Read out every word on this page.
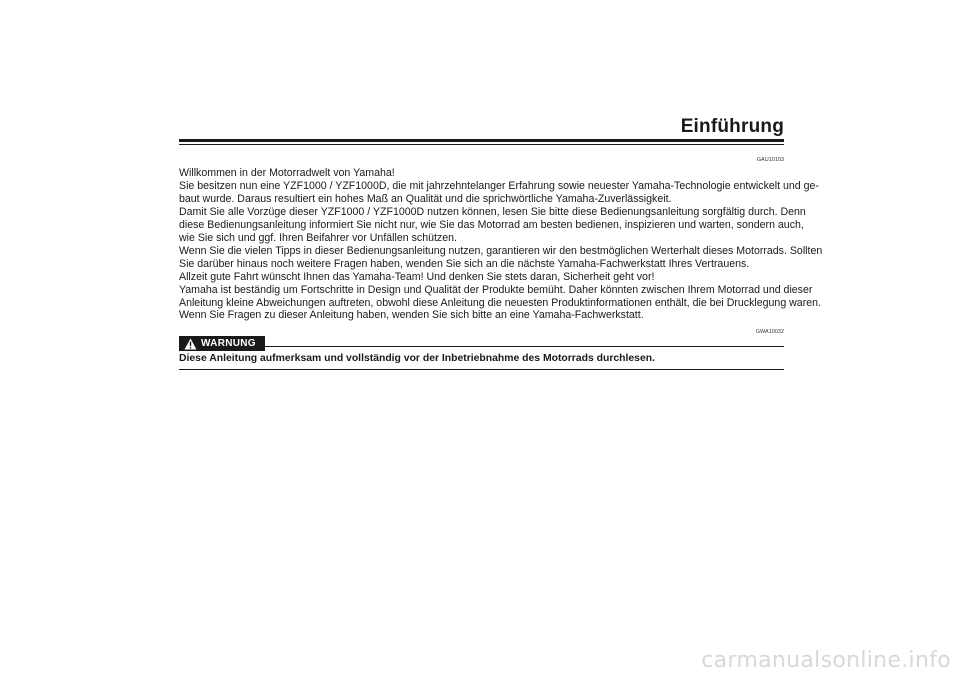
Einführung
GAU10103
Willkommen in der Motorradwelt von Yamaha!
Sie besitzen nun eine YZF1000 / YZF1000D, die mit jahrzehntelanger Erfahrung sowie neuester Yamaha-Technologie entwickelt und ge-
baut wurde. Daraus resultiert ein hohes Maß an Qualität und die sprichwörtliche Yamaha-Zuverlässigkeit.
Damit Sie alle Vorzüge dieser YZF1000 / YZF1000D nutzen können, lesen Sie bitte diese Bedienungsanleitung sorgfältig durch. Denn
diese Bedienungsanleitung informiert Sie nicht nur, wie Sie das Motorrad am besten bedienen, inspizieren und warten, sondern auch,
wie Sie sich und ggf. Ihren Beifahrer vor Unfällen schützen.
Wenn Sie die vielen Tipps in dieser Bedienungsanleitung nutzen, garantieren wir den bestmöglichen Werterhalt dieses Motorrads. Sollten
Sie darüber hinaus noch weitere Fragen haben, wenden Sie sich an die nächste Yamaha-Fachwerkstatt Ihres Vertrauens.
Allzeit gute Fahrt wünscht Ihnen das Yamaha-Team! Und denken Sie stets daran, Sicherheit geht vor!
Yamaha ist beständig um Fortschritte in Design und Qualität der Produkte bemüht. Daher könnten zwischen Ihrem Motorrad und dieser
Anleitung kleine Abweichungen auftreten, obwohl diese Anleitung die neuesten Produktinformationen enthält, die bei Drucklegung waren.
Wenn Sie Fragen zu dieser Anleitung haben, wenden Sie sich bitte an eine Yamaha-Fachwerkstatt.
GWA10032
WARNUNG

Diese Anleitung aufmerksam und vollständig vor der Inbetriebnahme des Motorrads durchlesen.

carmanualsonline.info
